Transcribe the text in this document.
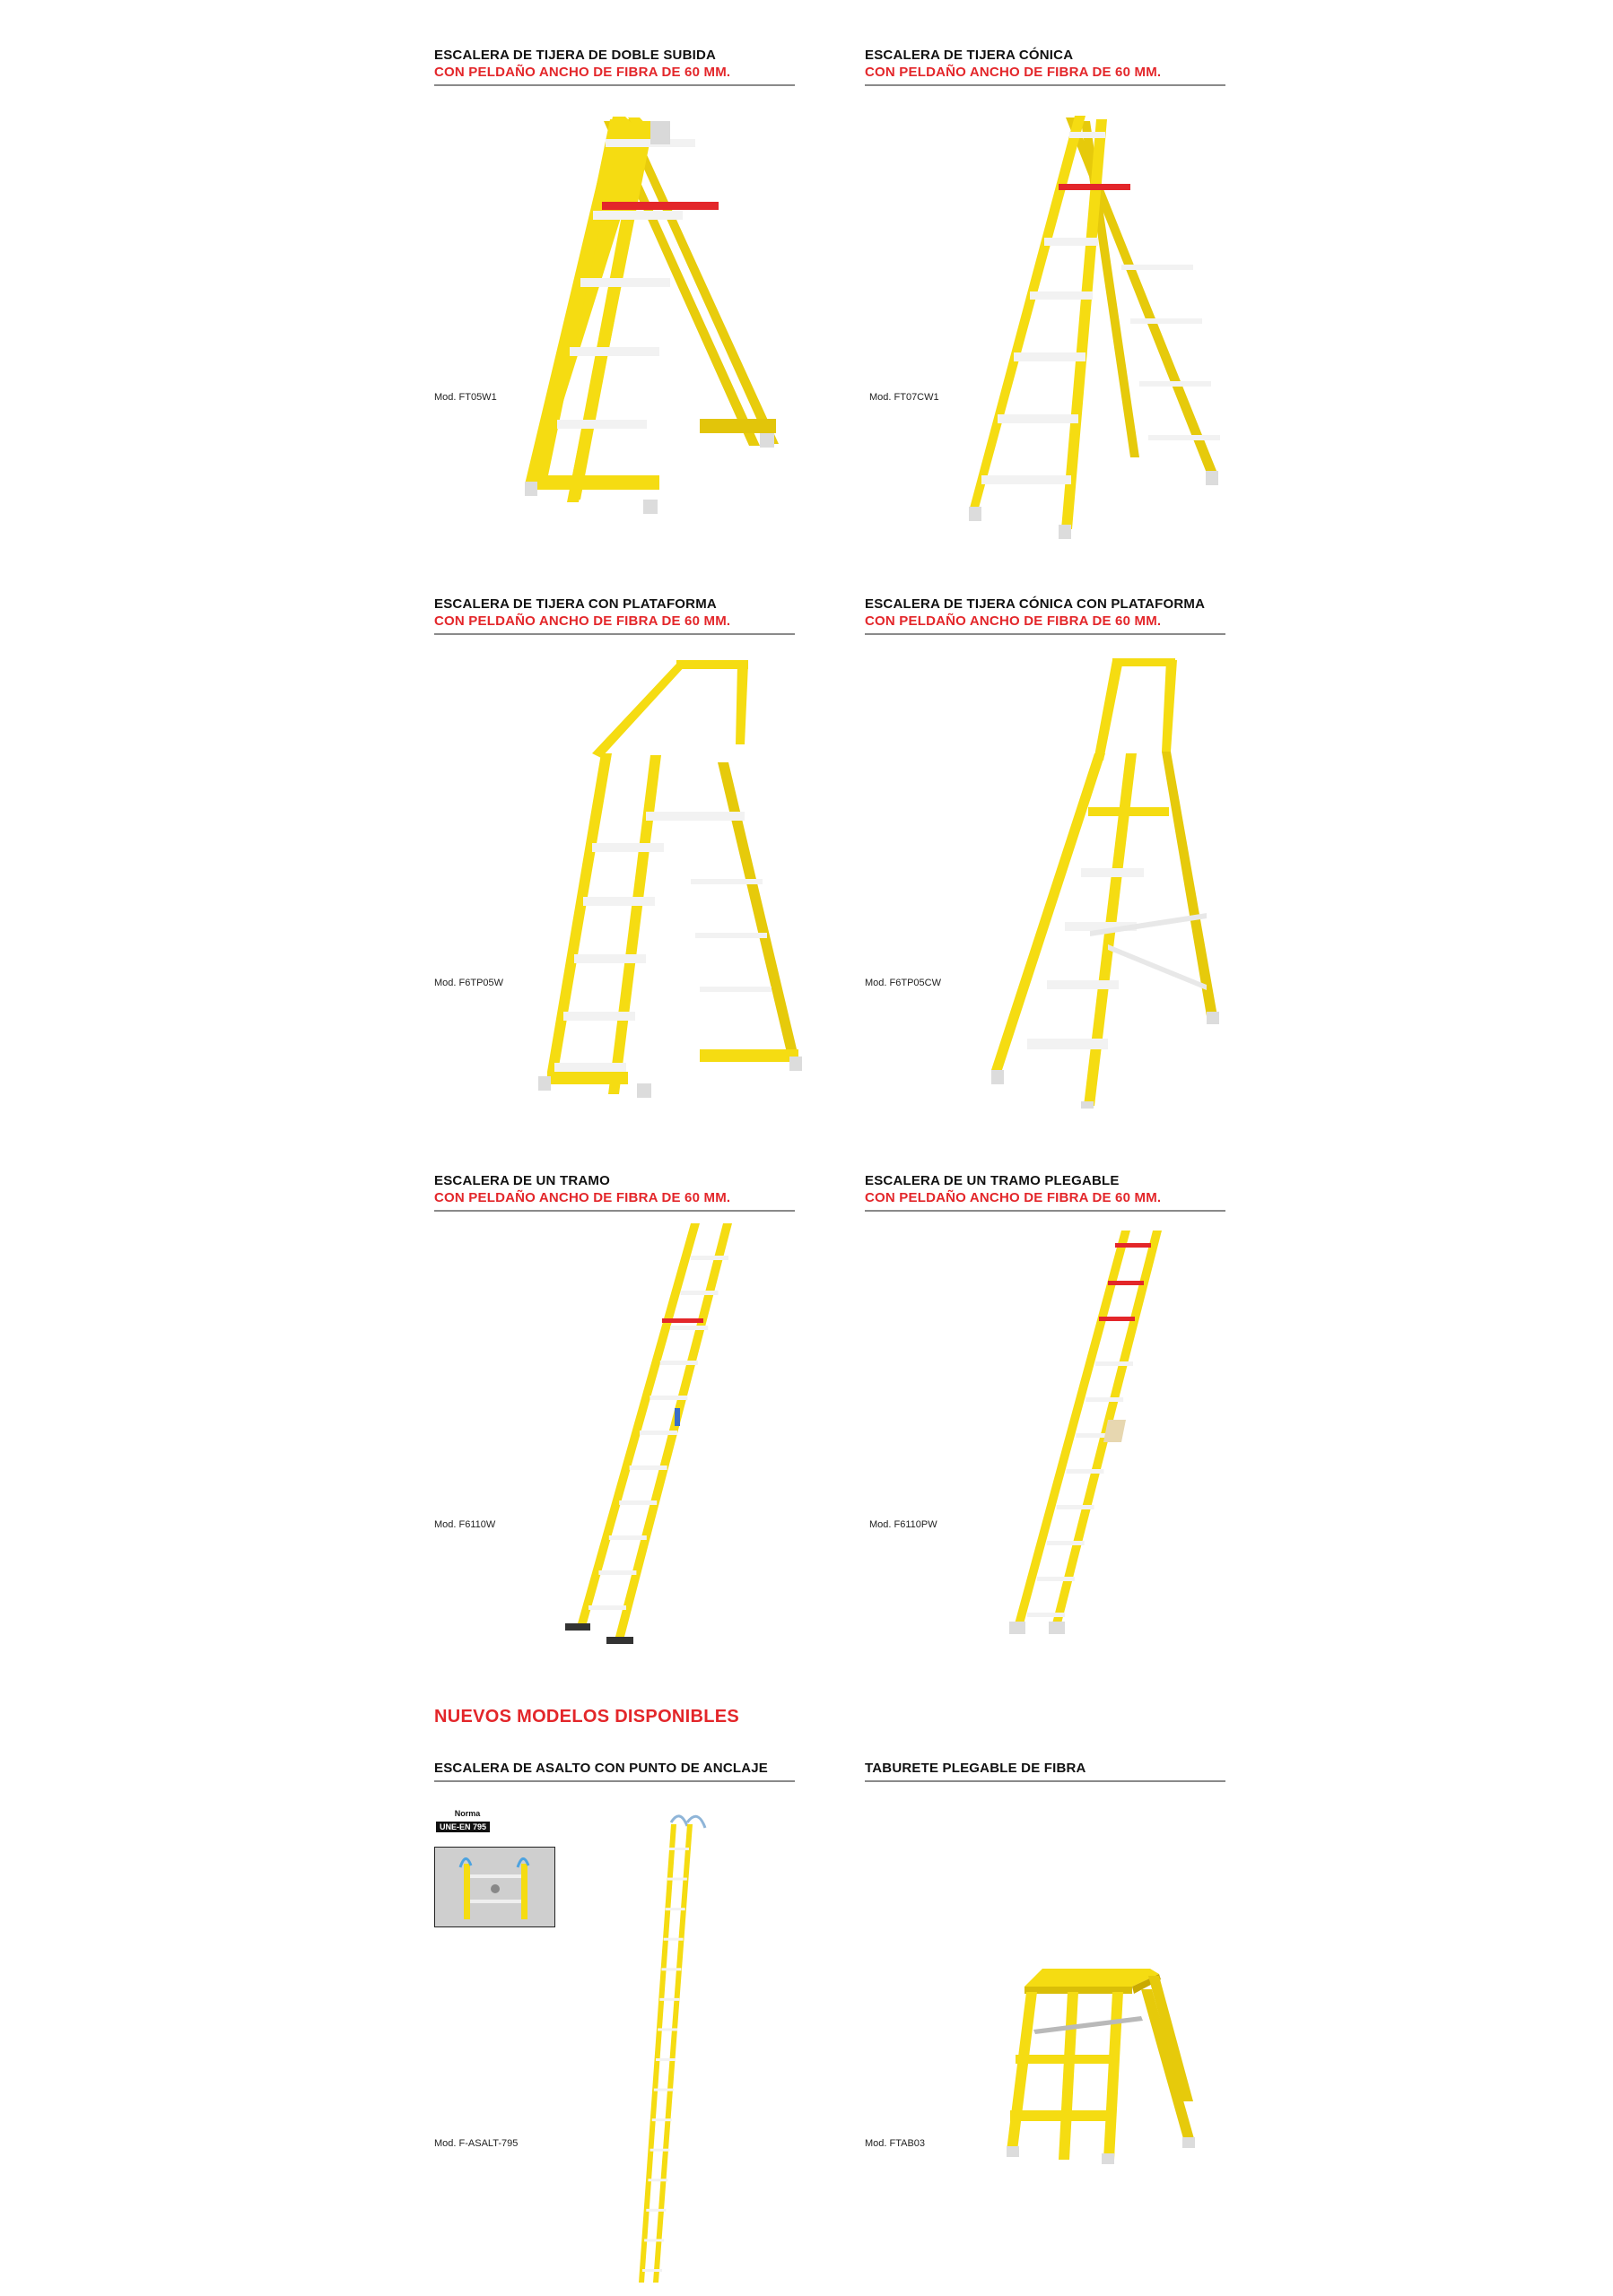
ESCALERA DE TIJERA DE DOBLE SUBIDA
CON PELDAÑO ANCHO DE FIBRA DE 60 MM.
ESCALERA DE TIJERA CÓNICA
CON PELDAÑO ANCHO DE FIBRA DE 60 MM.
ESCALERA DE TIJERA CON PLATAFORMA
CON PELDAÑO ANCHO DE FIBRA DE 60 MM.
ESCALERA DE TIJERA CÓNICA CON PLATAFORMA
CON PELDAÑO ANCHO DE FIBRA DE 60 MM.
ESCALERA DE UN TRAMO
CON PELDAÑO ANCHO DE FIBRA DE 60 MM.
ESCALERA DE UN TRAMO PLEGABLE
CON PELDAÑO ANCHO DE FIBRA DE 60 MM.
NUEVOS MODELOS DISPONIBLES
ESCALERA DE ASALTO CON PUNTO DE ANCLAJE	TABURETE PLEGABLE DE FIBRA
Mod. FT05W1	Mod. FT07CW1
Mod. F6TP05W	Mod. F6TP05CW
Mod. F6110W	Mod. F6110PW
Mod. F-ASALT-795	Mod. FTAB03
Norma
UNE-EN 795
